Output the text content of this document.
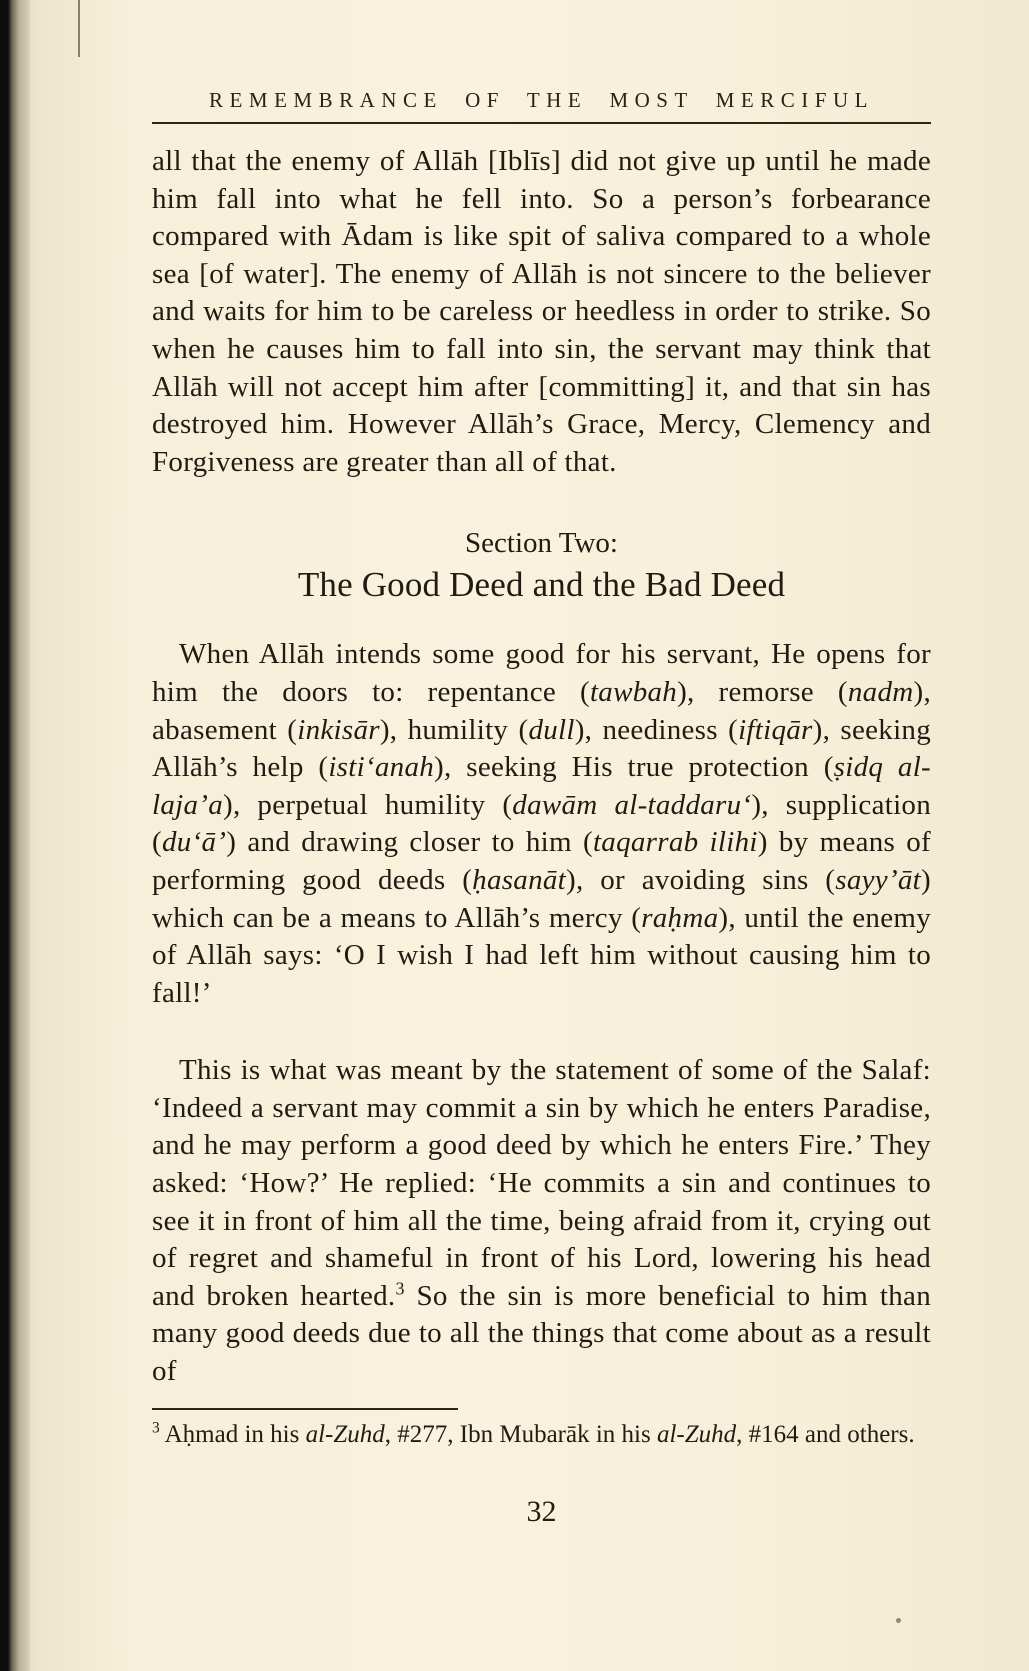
REMEMBRANCE OF THE MOST MERCIFUL

all that the enemy of Allāh [Iblīs] did not give up until he made him fall into what he fell into. So a person’s forbearance compared with Ādam is like spit of saliva compared to a whole sea [of water]. The enemy of Allāh is not sincere to the believer and waits for him to be careless or heedless in order to strike. So when he causes him to fall into sin, the servant may think that Allāh will not accept him after [committing] it, and that sin has destroyed him. However Allāh’s Grace, Mercy, Clemency and Forgiveness are greater than all of that.

Section Two:
The Good Deed and the Bad Deed

When Allāh intends some good for his servant, He opens for him the doors to: repentance (tawbah), remorse (nadm), abasement (inkisār), humility (dull), neediness (iftiqār), seeking Allāh’s help (isti‘anah), seeking His true protection (ṣidq al-laja’a), perpetual humility (dawām al-taddaru‘), supplication (du‘ā’) and drawing closer to him (taqarrab ilihi) by means of performing good deeds (ḥasanāt), or avoiding sins (sayy’āt) which can be a means to Allāh’s mercy (raḥma), until the enemy of Allāh says: ‘O I wish I had left him without causing him to fall!’

This is what was meant by the statement of some of the Salaf: ‘Indeed a servant may commit a sin by which he enters Paradise, and he may perform a good deed by which he enters Fire.’ They asked: ‘How?’ He replied: ‘He commits a sin and continues to see it in front of him all the time, being afraid from it, crying out of regret and shameful in front of his Lord, lowering his head and broken hearted.$^3$ So the sin is more beneficial to him than many good deeds due to all the things that come about as a result of

$^3$ Aḥmad in his al-Zuhd, #277, Ibn Mubarāk in his al-Zuhd, #164 and others.

32
